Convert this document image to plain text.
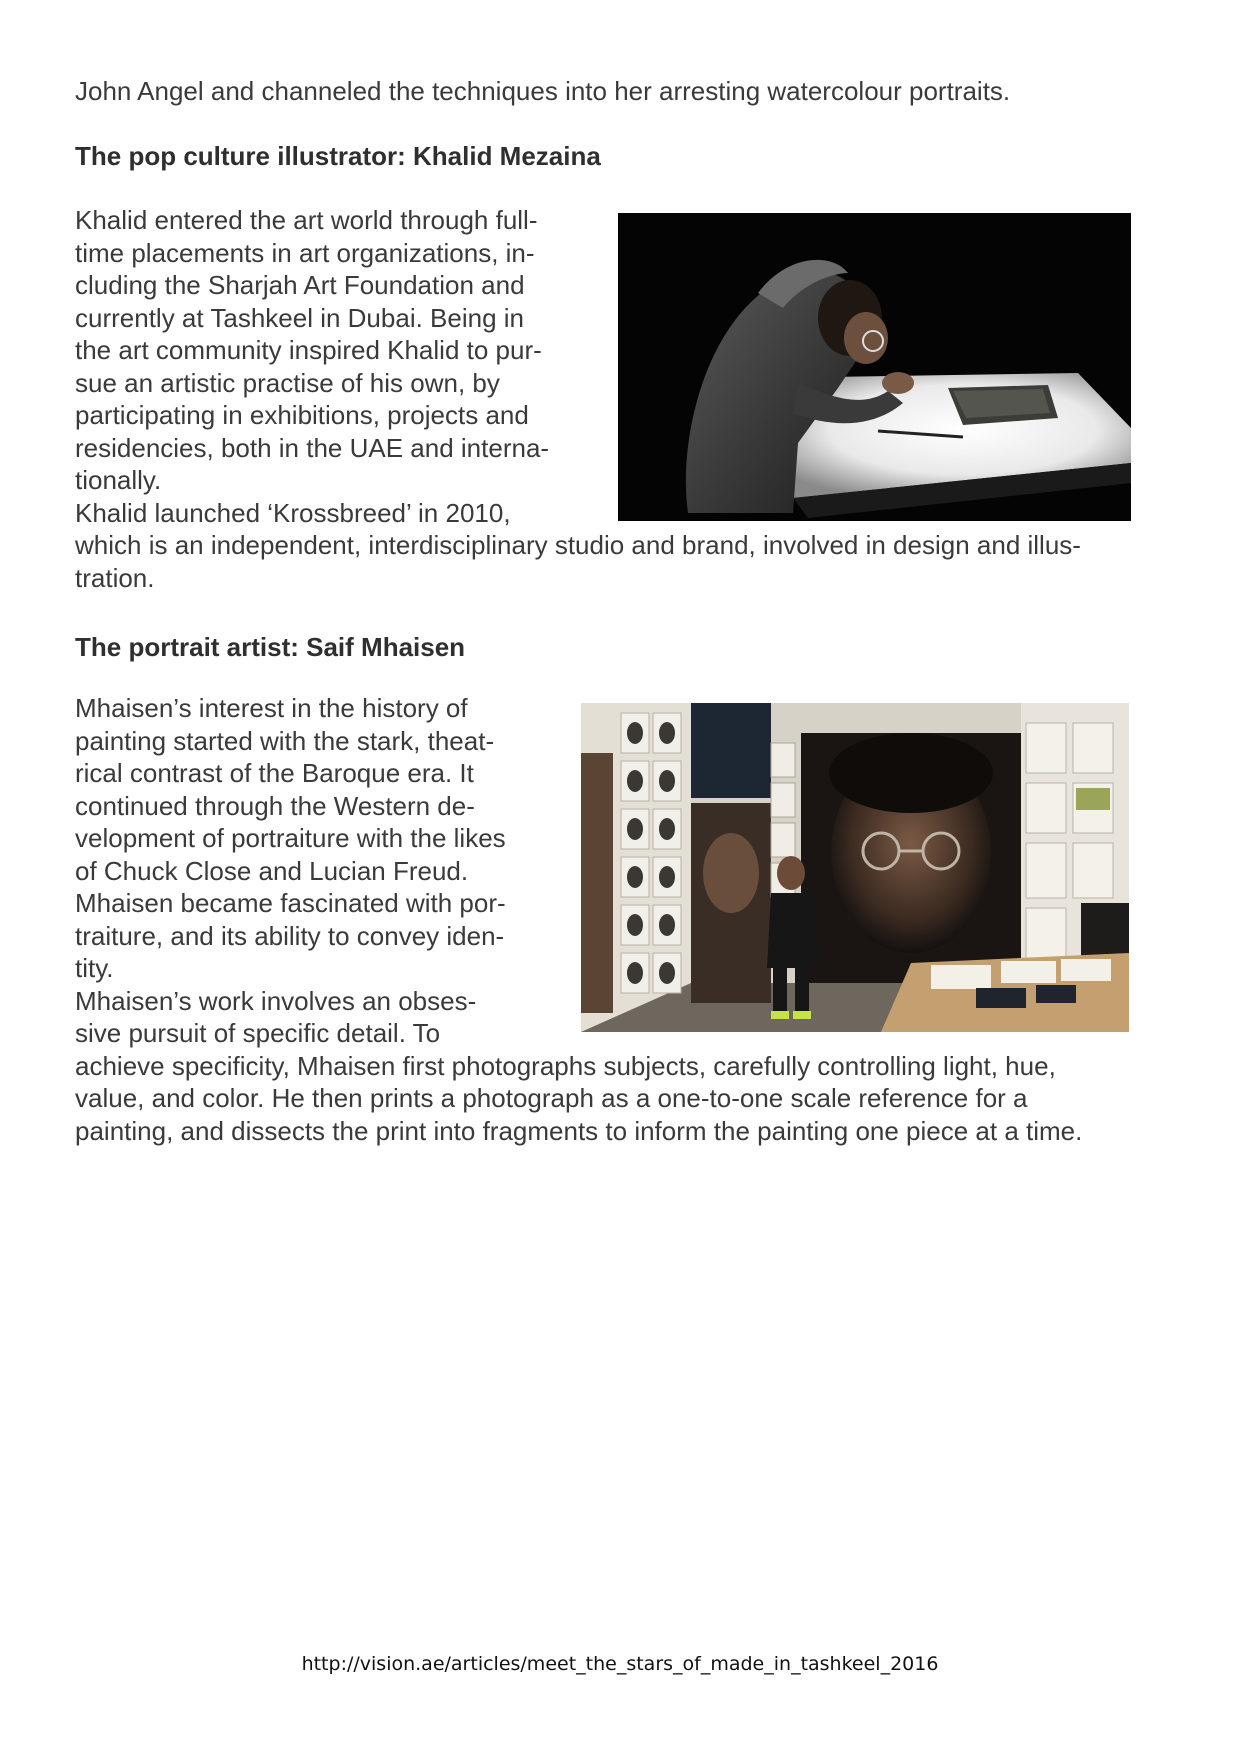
John Angel and channeled the techniques into her arresting watercolour portraits.
The pop culture illustrator: Khalid Mezaina
Khalid entered the art world through full-
time placements in art organizations, in-
cluding the Sharjah Art Foundation and
currently at Tashkeel in Dubai. Being in
the art community inspired Khalid to pur-
sue an artistic practise of his own, by
participating in exhibitions, projects and
residencies, both in the UAE and interna-
tionally.
Khalid launched ‘Krossbreed’ in 2010,
which is an independent, interdisciplinary studio and brand, involved in design and illus-
tration.
The portrait artist: Saif Mhaisen
Mhaisen’s interest in the history of
painting started with the stark, theat-
rical contrast of the Baroque era. It
continued through the Western de-
velopment of portraiture with the likes
of Chuck Close and Lucian Freud.
Mhaisen became fascinated with por-
traiture, and its ability to convey iden-
tity.
Mhaisen’s work involves an obses-
sive pursuit of specific detail. To
achieve specificity, Mhaisen first photographs subjects, carefully controlling light, hue,
value, and color. He then prints a photograph as a one-to-one scale reference for a
painting, and dissects the print into fragments to inform the painting one piece at a time.
http://vision.ae/articles/meet_the_stars_of_made_in_tashkeel_2016
